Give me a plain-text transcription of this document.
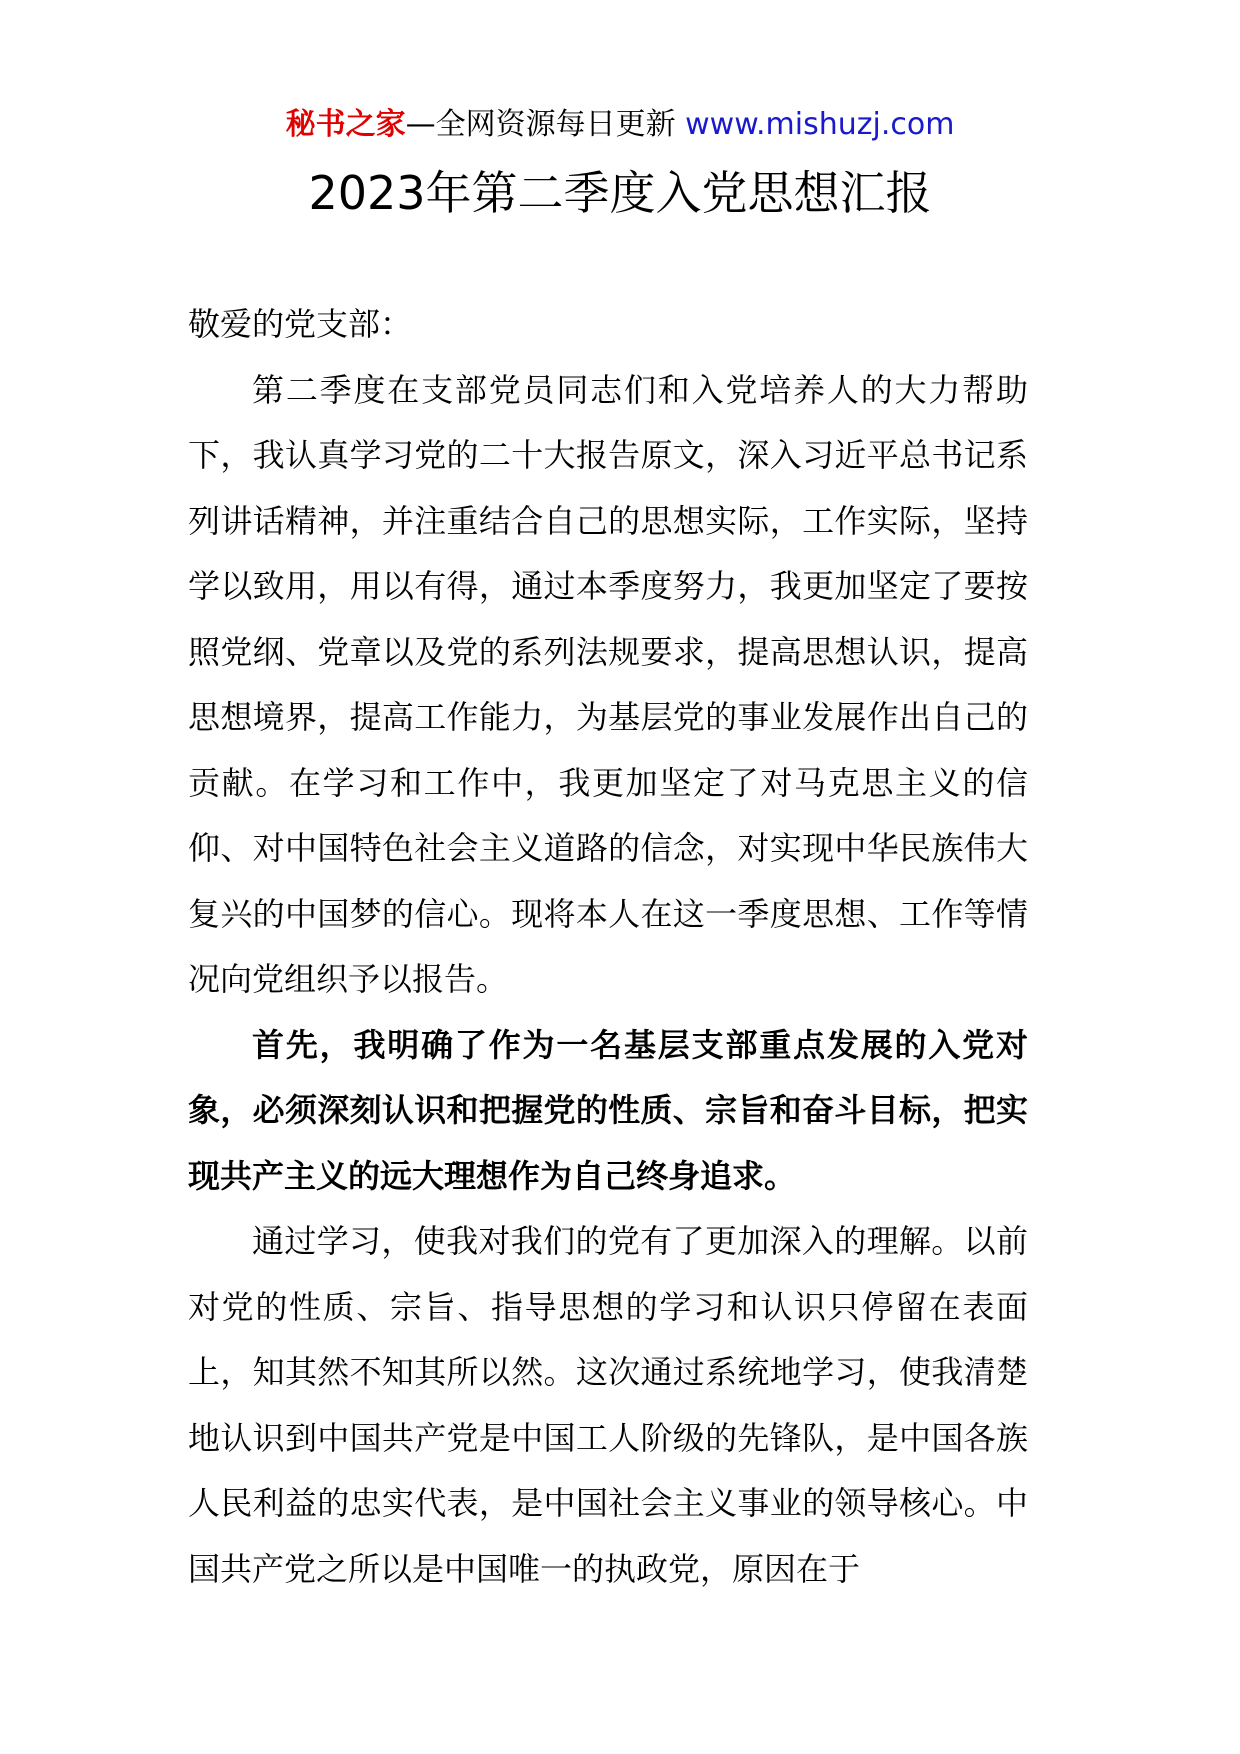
秘书之家—全网资源每日更新 www.mishuzj.com
2023年第二季度入党思想汇报

敬爱的党支部：

第二季度在支部党员同志们和入党培养人的大力帮助下，我认真学习党的二十大报告原文，深入习近平总书记系列讲话精神，并注重结合自己的思想实际，工作实际，坚持学以致用，用以有得，通过本季度努力，我更加坚定了要按照党纲、党章以及党的系列法规要求，提高思想认识，提高思想境界，提高工作能力，为基层党的事业发展作出自己的贡献。在学习和工作中，我更加坚定了对马克思主义的信仰、对中国特色社会主义道路的信念，对实现中华民族伟大复兴的中国梦的信心。现将本人在这一季度思想、工作等情况向党组织予以报告。

首先，我明确了作为一名基层支部重点发展的入党对象，必须深刻认识和把握党的性质、宗旨和奋斗目标，把实现共产主义的远大理想作为自己终身追求。

通过学习，使我对我们的党有了更加深入的理解。以前对党的性质、宗旨、指导思想的学习和认识只停留在表面上，知其然不知其所以然。这次通过系统地学习，使我清楚地认识到中国共产党是中国工人阶级的先锋队，是中国各族人民利益的忠实代表，是中国社会主义事业的领导核心。中国共产党之所以是中国唯一的执政党，原因在于
